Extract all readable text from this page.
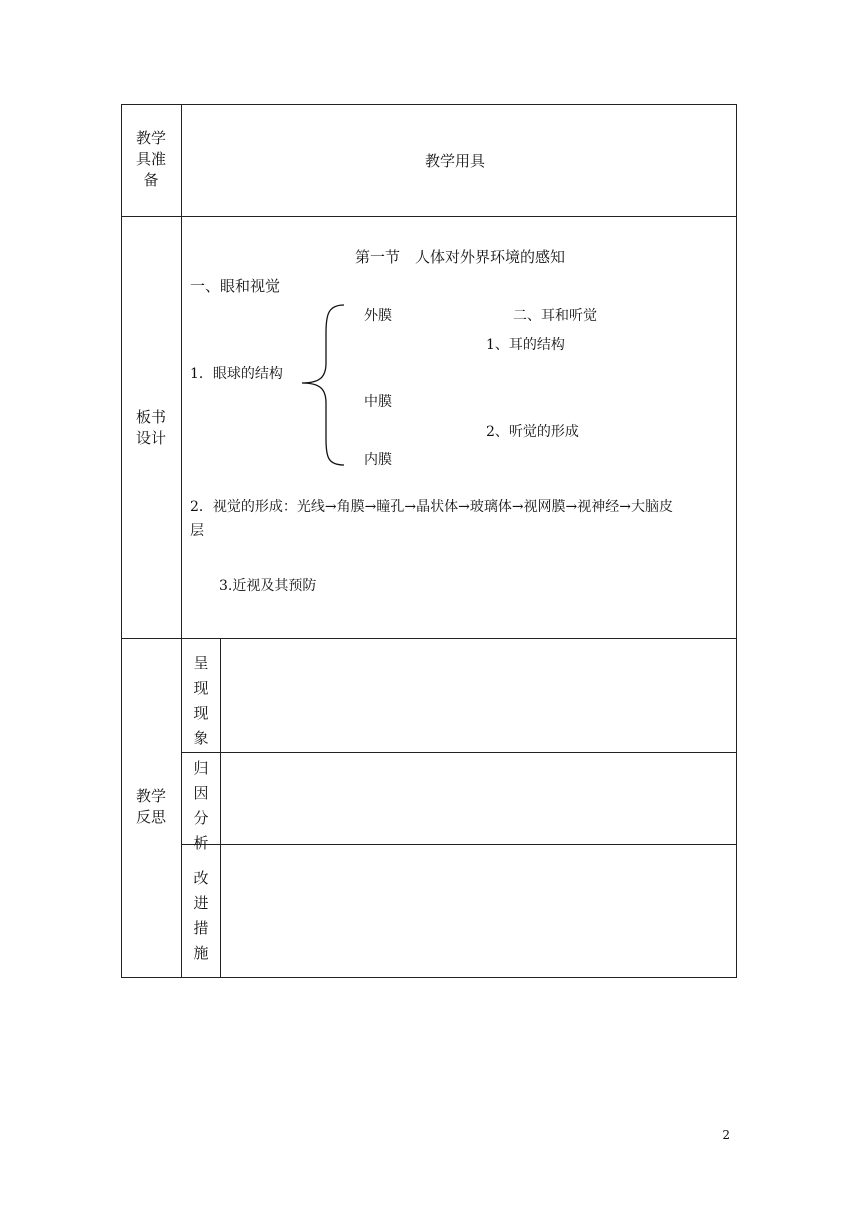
教学
具准
备
教学用具
板书
设计
第一节　人体对外界环境的感知
一、眼和视觉
1．眼球的结构
外膜
中膜
内膜
二、耳和听觉
1、耳的结构
2、听觉的形成
2．视觉的形成：光线→角膜→瞳孔→晶状体→玻璃体→视网膜→视神经→大脑皮
层
3.近视及其预防
教学
反思
呈
现
现
象
归
因
分
析
改
进
措
施
2
